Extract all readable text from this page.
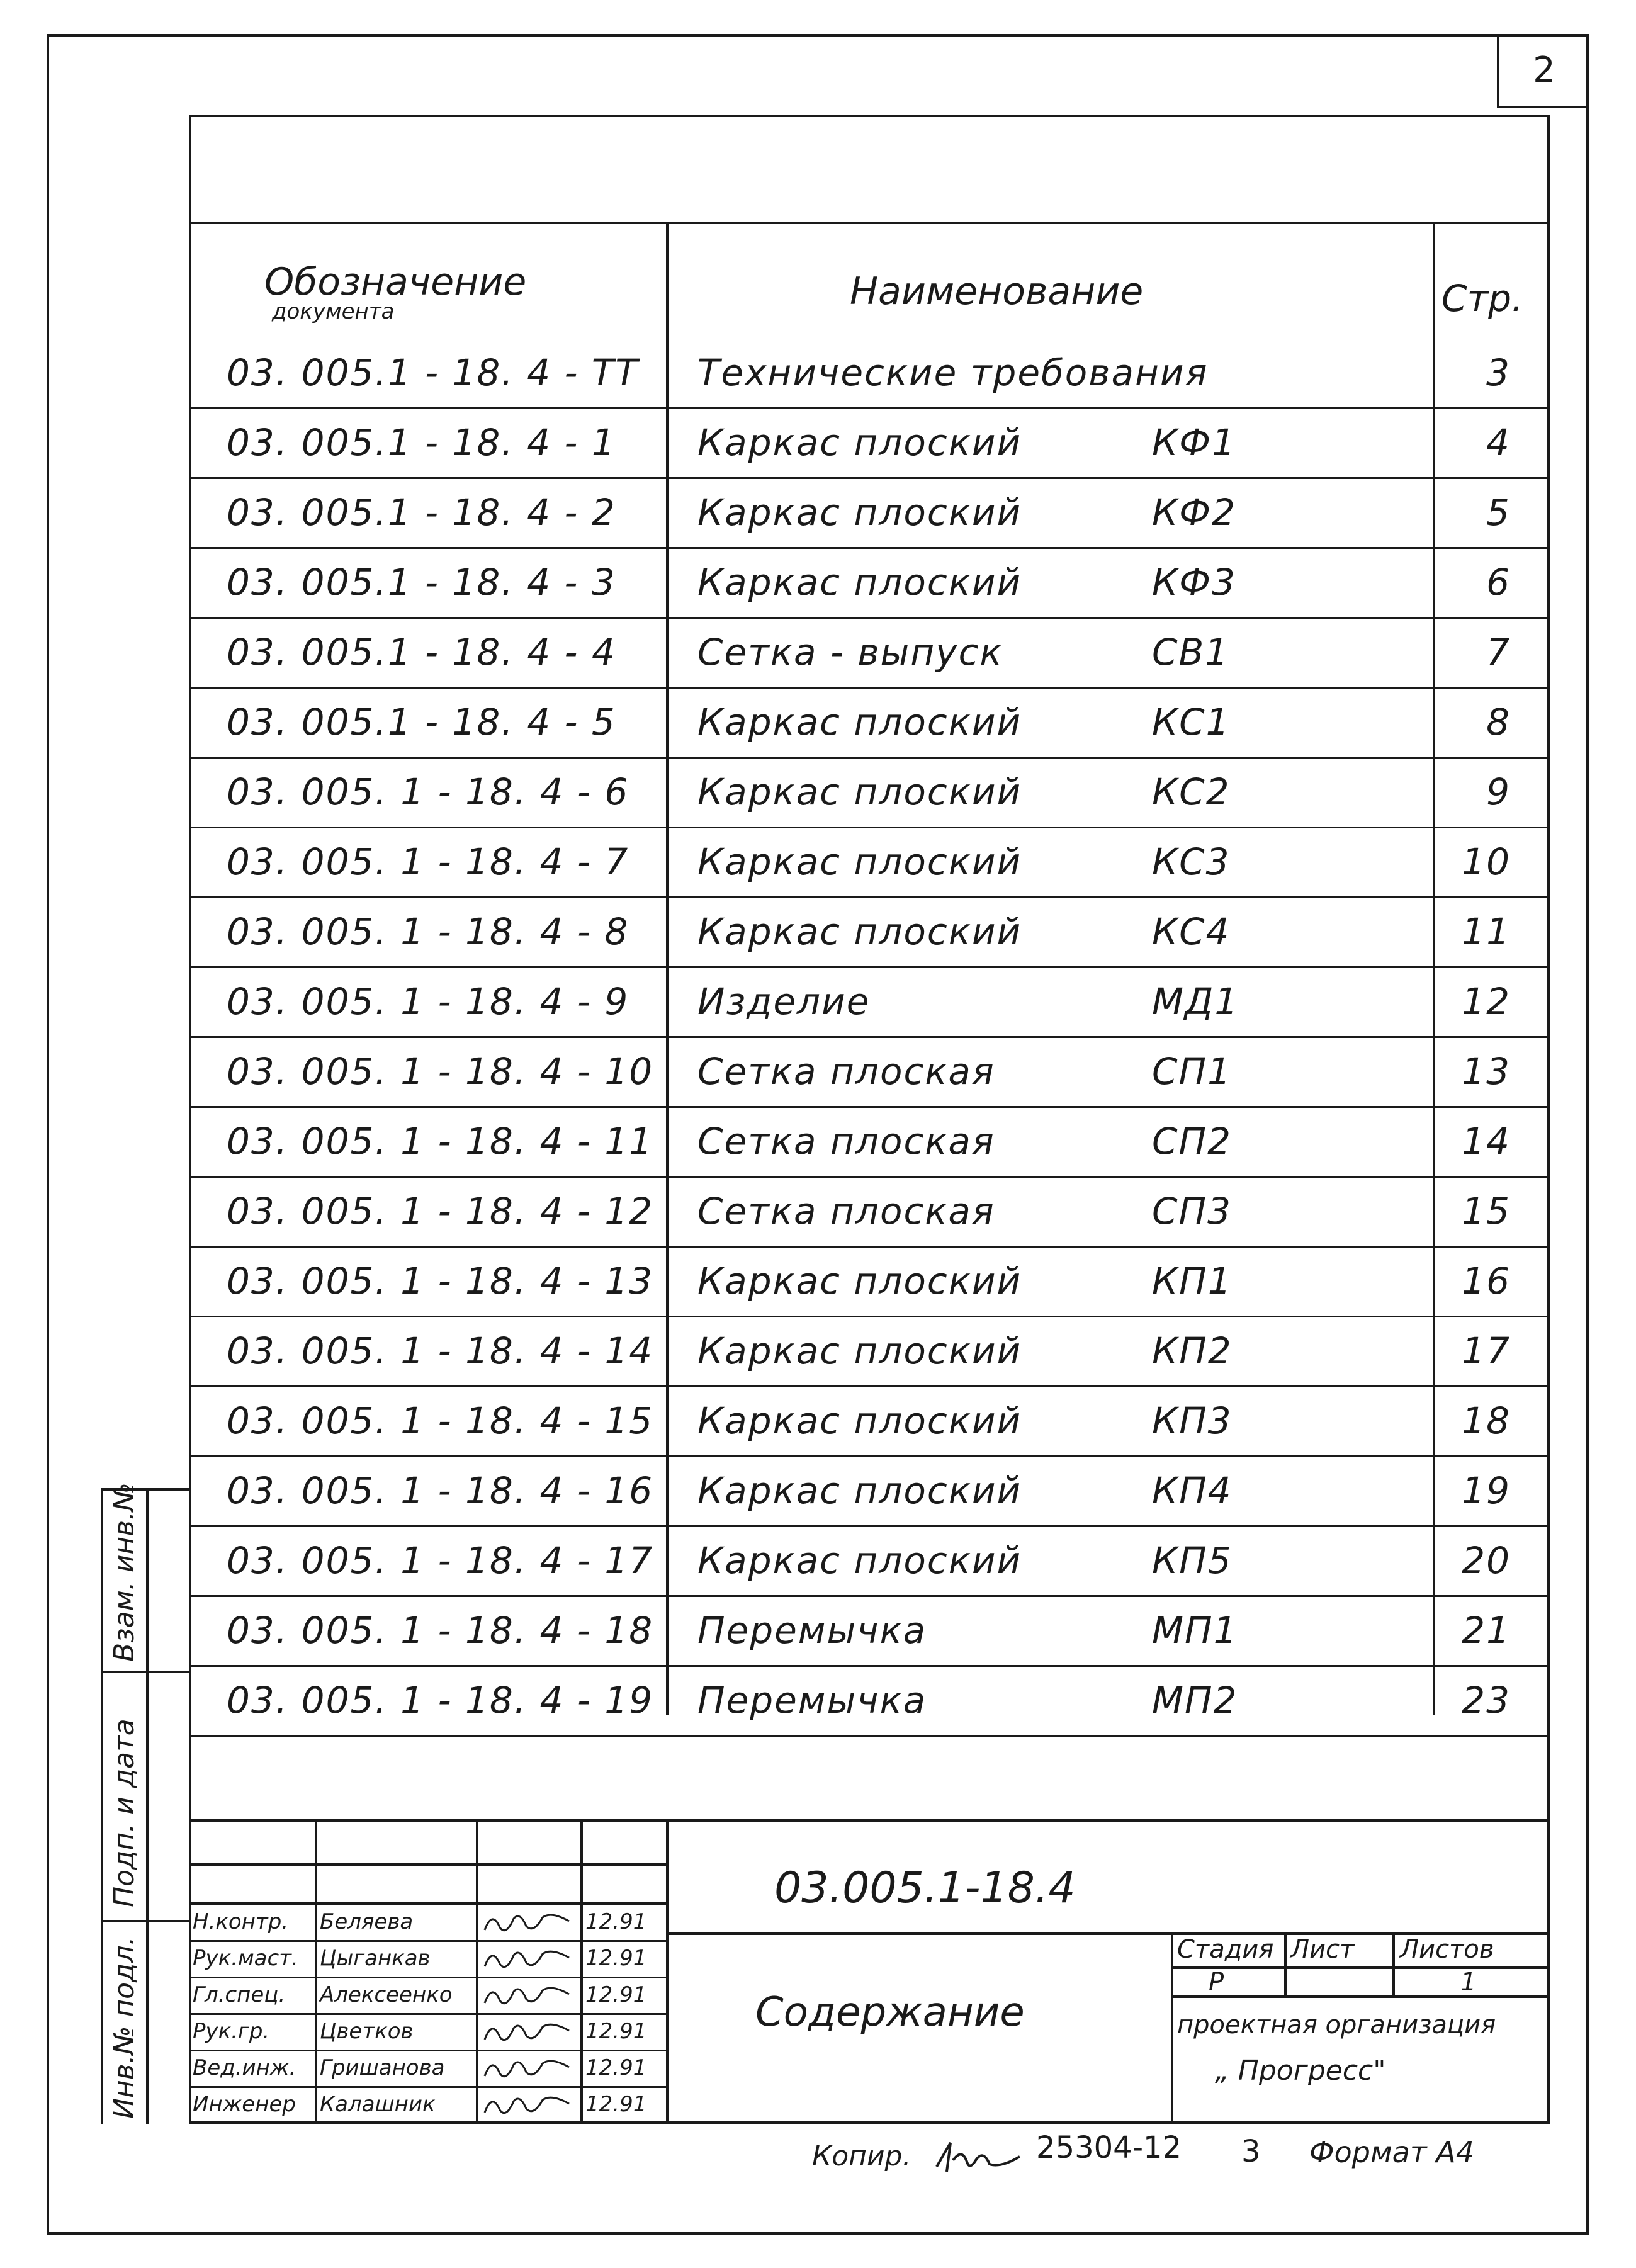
2
Обозначение
документа	Наименование	Стр.
03. 005.1 - 18. 4 - ТТ Технические требования	3
03. 005.1 - 18. 4 - 1 Каркас плоский	КФ1	4
03. 005.1 - 18. 4 - 2 Каркас плоский	КФ2	5
03. 005.1 - 18. 4 - 3 Каркас плоский	КФ3	6
03. 005.1 - 18. 4 - 4 Сетка - выпуск	СВ1	7
03. 005.1 - 18. 4 - 5 Каркас плоский	КС1	8
03. 005. 1 - 18. 4 - 6 Каркас плоский	КС2	9
03. 005. 1 - 18. 4 - 7 Каркас плоский	КС3	10
03. 005. 1 - 18. 4 - 8 Каркас плоский	КС4	11
03. 005. 1 - 18. 4 - 9 Изделие	МД1	12
03. 005. 1 - 18. 4 - 10 Сетка плоская	СП1	13
03. 005. 1 - 18. 4 - 11 Сетка плоская	СП2	14
03. 005. 1 - 18. 4 - 12 Сетка плоская	СП3	15
03. 005. 1 - 18. 4 - 13 Каркас плоский	КП1	16
03. 005. 1 - 18. 4 - 14 Каркас плоский	КП2	17
03. 005. 1 - 18. 4 - 15 Каркас плоский	КП3	18
03. 005. 1 - 18. 4 - 16 Каркас плоский	КП4	19
03. 005. 1 - 18. 4 - 17 Каркас плоский	КП5	20
03. 005. 1 - 18. 4 - 18 Перемычка	МП1	21
03. 005. 1 - 18. 4 - 19 Перемычка	МП2	23
Взам. инв.№
Подп. и дата
Инв.№ подл.
Н.контр. Беляева	12.91
Рук.маст. Цыганкав	12.91
Гл.спец. Алексеенко	12.91
Рук.гр. Цветков	12.91
Вед.инж. Гришанова	12.91
Инженер Калашник	12.91
03.005.1-18.4
Содержание
Стадия Лист Листов
Р	1
проектная организация
„ Прогресс"
Копир.	25304-12 3 Формат А4
